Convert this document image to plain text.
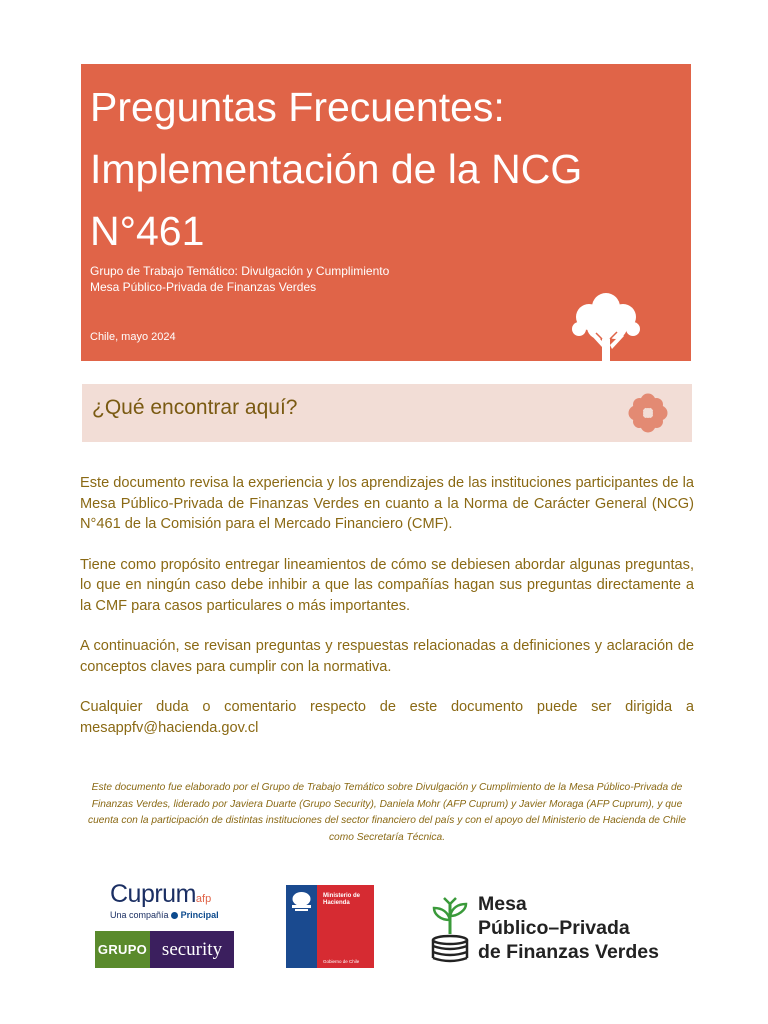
Preguntas Frecuentes: Implementación de la NCG N°461
Grupo de Trabajo Temático: Divulgación y Cumplimiento
Mesa Público-Privada de Finanzas Verdes
Chile, mayo 2024
¿Qué encontrar aquí?

Este documento revisa la experiencia y los aprendizajes de las instituciones participantes de la Mesa Público-Privada de Finanzas Verdes en cuanto a la Norma de Carácter General (NCG) N°461 de la Comisión para el Mercado Financiero (CMF).

Tiene como propósito entregar lineamientos de cómo se debiesen abordar algunas preguntas, lo que en ningún caso debe inhibir a que las compañías hagan sus preguntas directamente a la CMF para casos particulares o más importantes.

A continuación, se revisan preguntas y respuestas relacionadas a definiciones y aclaración de conceptos claves para cumplir con la normativa.

Cualquier duda o comentario respecto de este documento puede ser dirigida a mesappfv@hacienda.gov.cl

Este documento fue elaborado por el Grupo de Trabajo Temático sobre Divulgación y Cumplimiento de la Mesa Público-Privada de Finanzas Verdes, liderado por Javiera Duarte (Grupo Security), Daniela Mohr (AFP Cuprum) y Javier Moraga (AFP Cuprum), y que cuenta con la participación de distintas instituciones del sector financiero del país y con el apoyo del Ministerio de Hacienda de Chile como Secretaría Técnica.
Cuprumafp
Una compañía Principal
GRUPO security
Ministerio de Hacienda
Gobierno de Chile
Mesa
Público–Privada
de Finanzas Verdes
